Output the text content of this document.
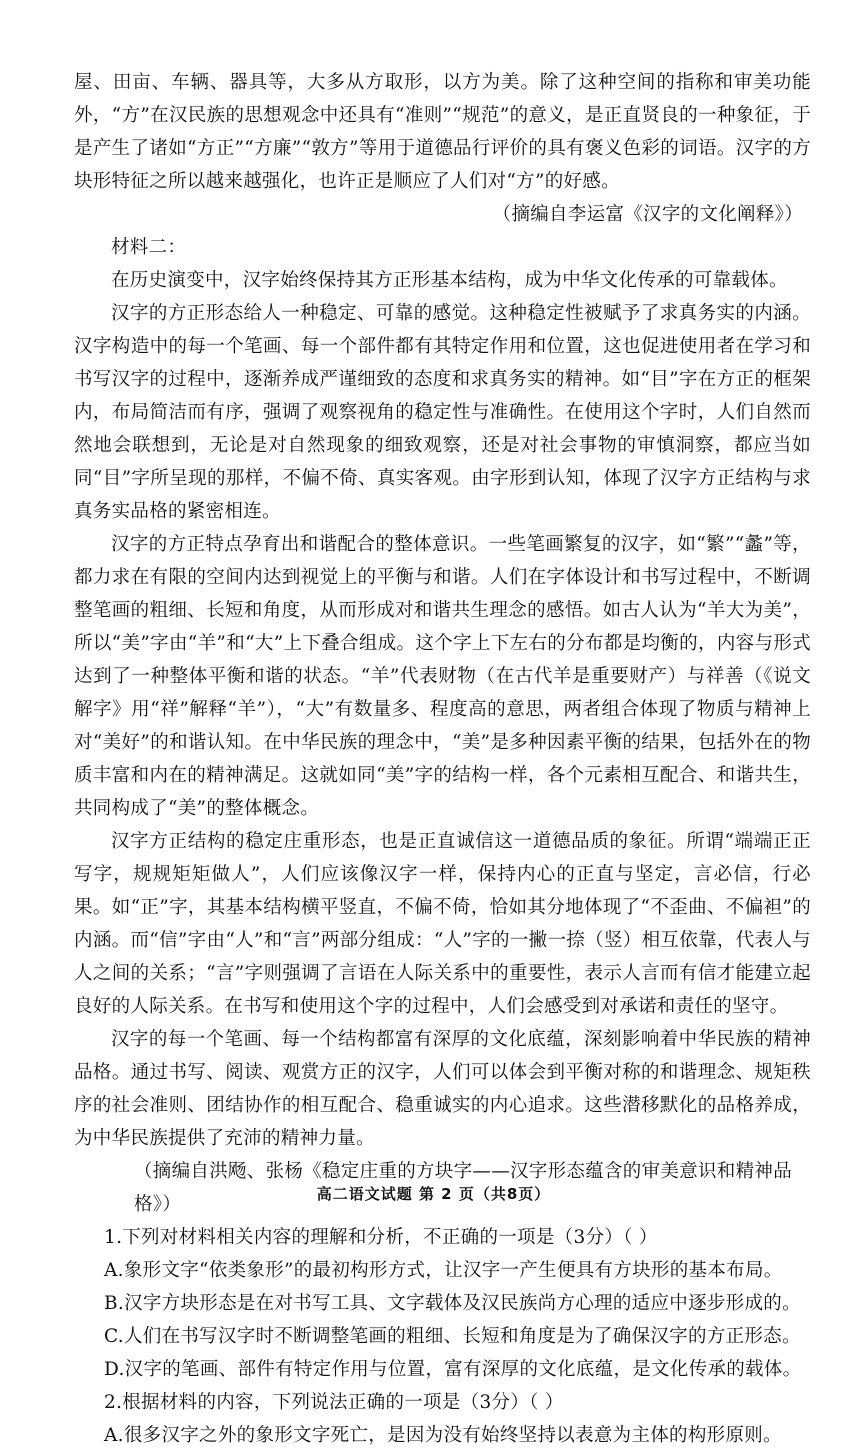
屋、田亩、车辆、器具等，大多从方取形，以方为美。除了这种空间的指称和审美功能外，“方”在汉民族的思想观念中还具有“准则”“规范”的意义，是正直贤良的一种象征，于是产生了诸如“方正”“方廉”“敦方”等用于道德品行评价的具有褒义色彩的词语。汉字的方块形特征之所以越来越强化，也许正是顺应了人们对“方”的好感。

（摘编自李运富《汉字的文化阐释》）

材料二：

在历史演变中，汉字始终保持其方正形基本结构，成为中华文化传承的可靠载体。

汉字的方正形态给人一种稳定、可靠的感觉。这种稳定性被赋予了求真务实的内涵。汉字构造中的每一个笔画、每一个部件都有其特定作用和位置，这也促进使用者在学习和书写汉字的过程中，逐渐养成严谨细致的态度和求真务实的精神。如“目”字在方正的框架内，布局简洁而有序，强调了观察视角的稳定性与准确性。在使用这个字时，人们自然而然地会联想到，无论是对自然现象的细致观察，还是对社会事物的审慎洞察，都应当如同“目”字所呈现的那样，不偏不倚、真实客观。由字形到认知，体现了汉字方正结构与求真务实品格的紧密相连。

汉字的方正特点孕育出和谐配合的整体意识。一些笔画繁复的汉字，如“繁”“蠡”等，都力求在有限的空间内达到视觉上的平衡与和谐。人们在字体设计和书写过程中，不断调整笔画的粗细、长短和角度，从而形成对和谐共生理念的感悟。如古人认为“羊大为美”，所以“美”字由“羊”和“大”上下叠合组成。这个字上下左右的分布都是均衡的，内容与形式达到了一种整体平衡和谐的状态。“羊”代表财物（在古代羊是重要财产）与祥善（《说文解字》用“祥”解释“羊”），“大”有数量多、程度高的意思，两者组合体现了物质与精神上对“美好”的和谐认知。在中华民族的理念中，“美”是多种因素平衡的结果，包括外在的物质丰富和内在的精神满足。这就如同“美”字的结构一样，各个元素相互配合、和谐共生，共同构成了“美”的整体概念。

汉字方正结构的稳定庄重形态，也是正直诚信这一道德品质的象征。所谓“端端正正写字，规规矩矩做人”，人们应该像汉字一样，保持内心的正直与坚定，言必信，行必果。如“正”字，其基本结构横平竖直，不偏不倚，恰如其分地体现了“不歪曲、不偏袒”的内涵。而“信”字由“人”和“言”两部分组成：“人”字的一撇一捺（竖）相互依靠，代表人与人之间的关系；“言”字则强调了言语在人际关系中的重要性，表示人言而有信才能建立起良好的人际关系。在书写和使用这个字的过程中，人们会感受到对承诺和责任的坚守。

汉字的每一个笔画、每一个结构都富有深厚的文化底蕴，深刻影响着中华民族的精神品格。通过书写、阅读、观赏方正的汉字，人们可以体会到平衡对称的和谐理念、规矩秩序的社会准则、团结协作的相互配合、稳重诚实的内心追求。这些潜移默化的品格养成，为中华民族提供了充沛的精神力量。

（摘编自洪飏、张杨《稳定庄重的方块字——汉字形态蕴含的审美意识和精神品格》）

1.下列对材料相关内容的理解和分析，不正确的一项是（3分）（ ）

A.象形文字“依类象形”的最初构形方式，让汉字一产生便具有方块形的基本布局。

B.汉字方块形态是在对书写工具、文字载体及汉民族尚方心理的适应中逐步形成的。

C.人们在书写汉字时不断调整笔画的粗细、长短和角度是为了确保汉字的方正形态。

D.汉字的笔画、部件有特定作用与位置，富有深厚的文化底蕴，是文化传承的载体。

2.根据材料的内容，下列说法正确的一项是（3分）（ ）

A.很多汉字之外的象形文字死亡，是因为没有始终坚持以表意为主体的构形原则。

高二语文试题 第 2 页（共8页）
